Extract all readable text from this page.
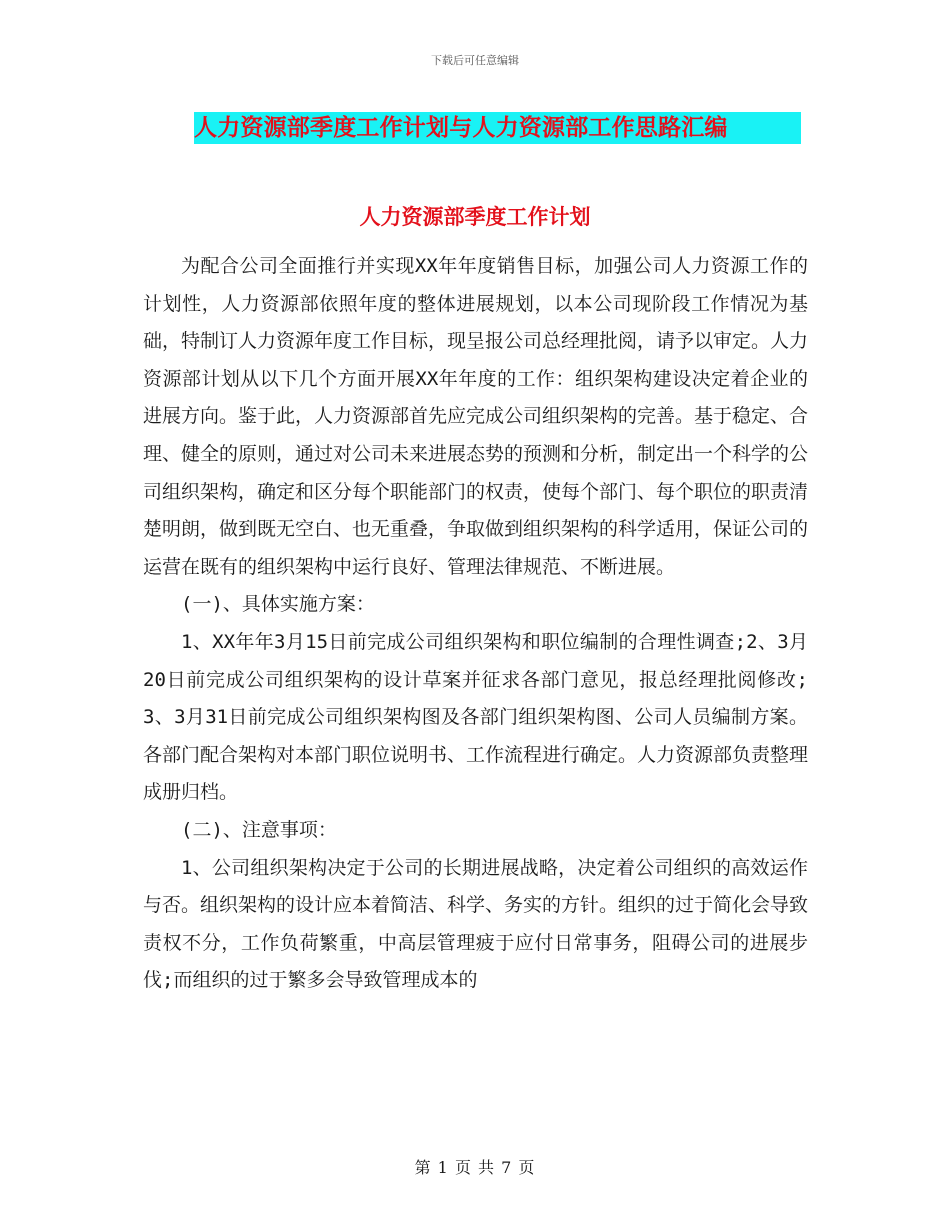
下载后可任意编辑
人力资源部季度工作计划与人力资源部工作思路汇编
人力资源部季度工作计划

为配合公司全面推行并实现XX年年度销售目标，加强公司人力资源工作的计划性，人力资源部依照年度的整体进展规划，以本公司现阶段工作情况为基础，特制订人力资源年度工作目标，现呈报公司总经理批阅，请予以审定。人力资源部计划从以下几个方面开展XX年年度的工作：组织架构建设决定着企业的进展方向。鉴于此，人力资源部首先应完成公司组织架构的完善。基于稳定、合理、健全的原则，通过对公司未来进展态势的预测和分析，制定出一个科学的公司组织架构，确定和区分每个职能部门的权责，使每个部门、每个职位的职责清楚明朗，做到既无空白、也无重叠，争取做到组织架构的科学适用，保证公司的运营在既有的组织架构中运行良好、管理法律规范、不断进展。

(一)、具体实施方案：

1、XX年年3月15日前完成公司组织架构和职位编制的合理性调查;2、3月20日前完成公司组织架构的设计草案并征求各部门意见，报总经理批阅修改;3、3月31日前完成公司组织架构图及各部门组织架构图、公司人员编制方案。各部门配合架构对本部门职位说明书、工作流程进行确定。人力资源部负责整理成册归档。

(二)、注意事项：

1、公司组织架构决定于公司的长期进展战略，决定着公司组织的高效运作与否。组织架构的设计应本着简洁、科学、务实的方针。组织的过于简化会导致责权不分，工作负荷繁重，中高层管理疲于应付日常事务，阻碍公司的进展步伐;而组织的过于繁多会导致管理成本的

第 1 页 共 7 页
